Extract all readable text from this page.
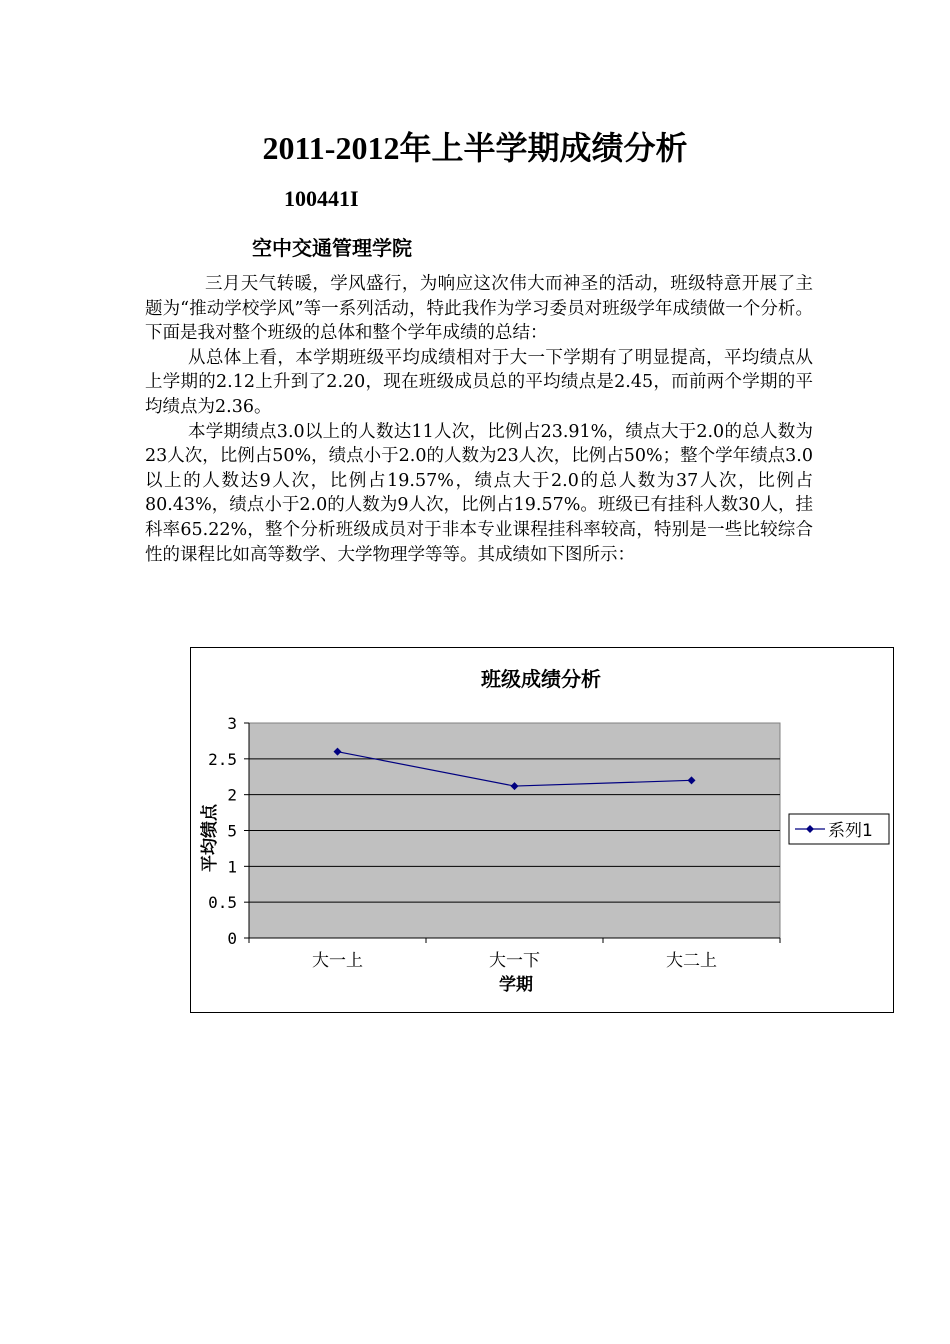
2011-2012年上半学期成绩分析
100441I
空中交通管理学院

三月天气转暖，学风盛行，为响应这次伟大而神圣的活动，班级特意开展了主题为“推动学校学风”等一系列活动，特此我作为学习委员对班级学年成绩做一个分析。下面是我对整个班级的总体和整个学年成绩的总结：

从总体上看，本学期班级平均成绩相对于大一下学期有了明显提高，平均绩点从上学期的2.12上升到了2.20，现在班级成员总的平均绩点是2.45，而前两个学期的平均绩点为2.36。

本学期绩点3.0以上的人数达11人次，比例占23.91%，绩点大于2.0的总人数为23人次，比例占50%，绩点小于2.0的人数为23人次，比例占50%；整个学年绩点3.0以上的人数达9人次，比例占19.57%，绩点大于2.0的总人数为37人次，比例占80.43%，绩点小于2.0的人数为9人次，比例占19.57%。班级已有挂科人数30人，挂科率65.22%，整个分析班级成员对于非本专业课程挂科率较高，特别是一些比较综合性的课程比如高等数学、大学物理学等等。其成绩如下图所示：

班级成绩分析
0
0.5
1
5
2
2.5
3
大一上	大一下	大二上
学期
平均绩点	系列1
